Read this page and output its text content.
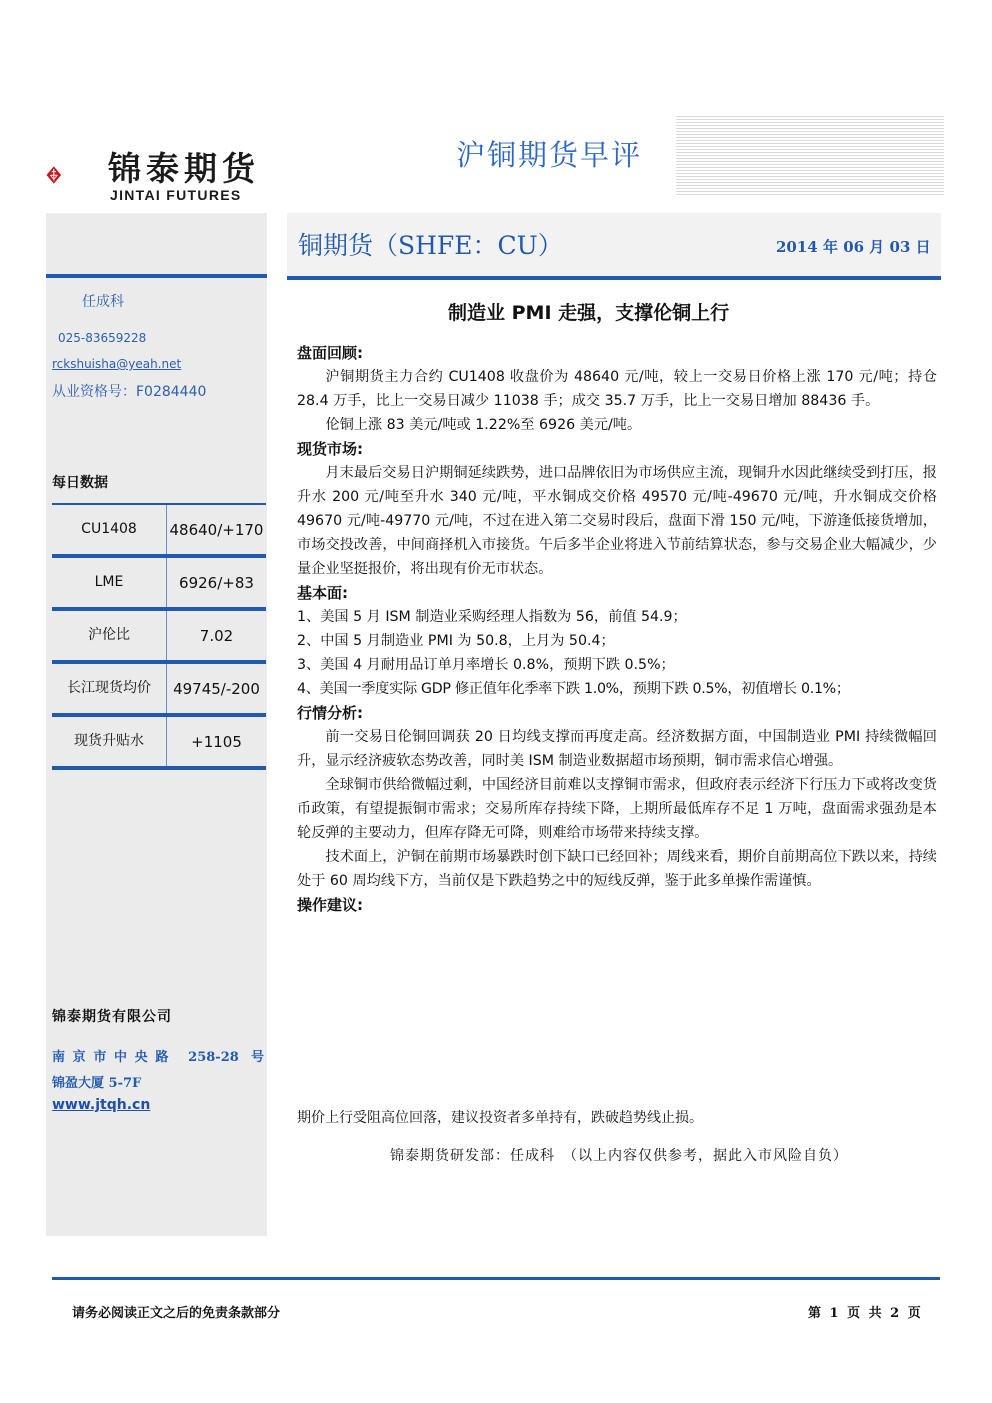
锦泰期货
JINTAI FUTURES
沪铜期货早评
铜期货（SHFE：CU）	2014 年 06 月 03 日
任成科
025-83659228
rckshuisha@yeah.net
从业资格号：F0284440
每日数据
CU1408	48640/+170
LME	6926/+83
沪伦比	7.02
长江现货均价	49745/-200
现货升贴水	+1105
锦泰期货有限公司
南京市中央路 258-28 号
锦盈大厦 5-7F
www.jtqh.cn
制造业 PMI 走强，支撑伦铜上行
盘面回顾:
沪铜期货主力合约 CU1408 收盘价为 48640 元/吨，较上一交易日价格上涨 170 元/吨；持仓 28.4 万手，比上一交易日减少 11038 手；成交 35.7 万手，比上一交易日增加 88436 手。
伦铜上涨 83 美元/吨或 1.22%至 6926 美元/吨。
现货市场:
月末最后交易日沪期铜延续跌势，进口品牌依旧为市场供应主流，现铜升水因此继续受到打压，报升水 200 元/吨至升水 340 元/吨，平水铜成交价格 49570 元/吨-49670 元/吨，升水铜成交价格 49670 元/吨-49770 元/吨，不过在进入第二交易时段后，盘面下滑 150 元/吨，下游逢低接货增加，市场交投改善，中间商择机入市接货。午后多半企业将进入节前结算状态，参与交易企业大幅减少，少量企业坚挺报价，将出现有价无市状态。
基本面:
1、美国 5 月 ISM 制造业采购经理人指数为 56，前值 54.9；
2、中国 5 月制造业 PMI 为 50.8，上月为 50.4；
3、美国 4 月耐用品订单月率增长 0.8%，预期下跌 0.5%；
4、美国一季度实际 GDP 修正值年化季率下跌 1.0%，预期下跌 0.5%，初值增长 0.1%；
行情分析:
前一交易日伦铜回调获 20 日均线支撑而再度走高。经济数据方面，中国制造业 PMI 持续微幅回升，显示经济疲软态势改善，同时美 ISM 制造业数据超市场预期，铜市需求信心增强。
全球铜市供给微幅过剩，中国经济目前难以支撑铜市需求，但政府表示经济下行压力下或将改变货币政策，有望提振铜市需求；交易所库存持续下降，上期所最低库存不足 1 万吨，盘面需求强劲是本轮反弹的主要动力，但库存降无可降，则难给市场带来持续支撑。
技术面上，沪铜在前期市场暴跌时创下缺口已经回补；周线来看，期价自前期高位下跌以来，持续处于 60 周均线下方，当前仅是下跌趋势之中的短线反弹，鉴于此多单操作需谨慎。
操作建议:
期价上行受阻高位回落，建议投资者多单持有，跌破趋势线止损。
锦泰期货研发部：任成科　（以上内容仅供参考，据此入市风险自负）
请务必阅读正文之后的免责条款部分	第 1 页 共 2 页
